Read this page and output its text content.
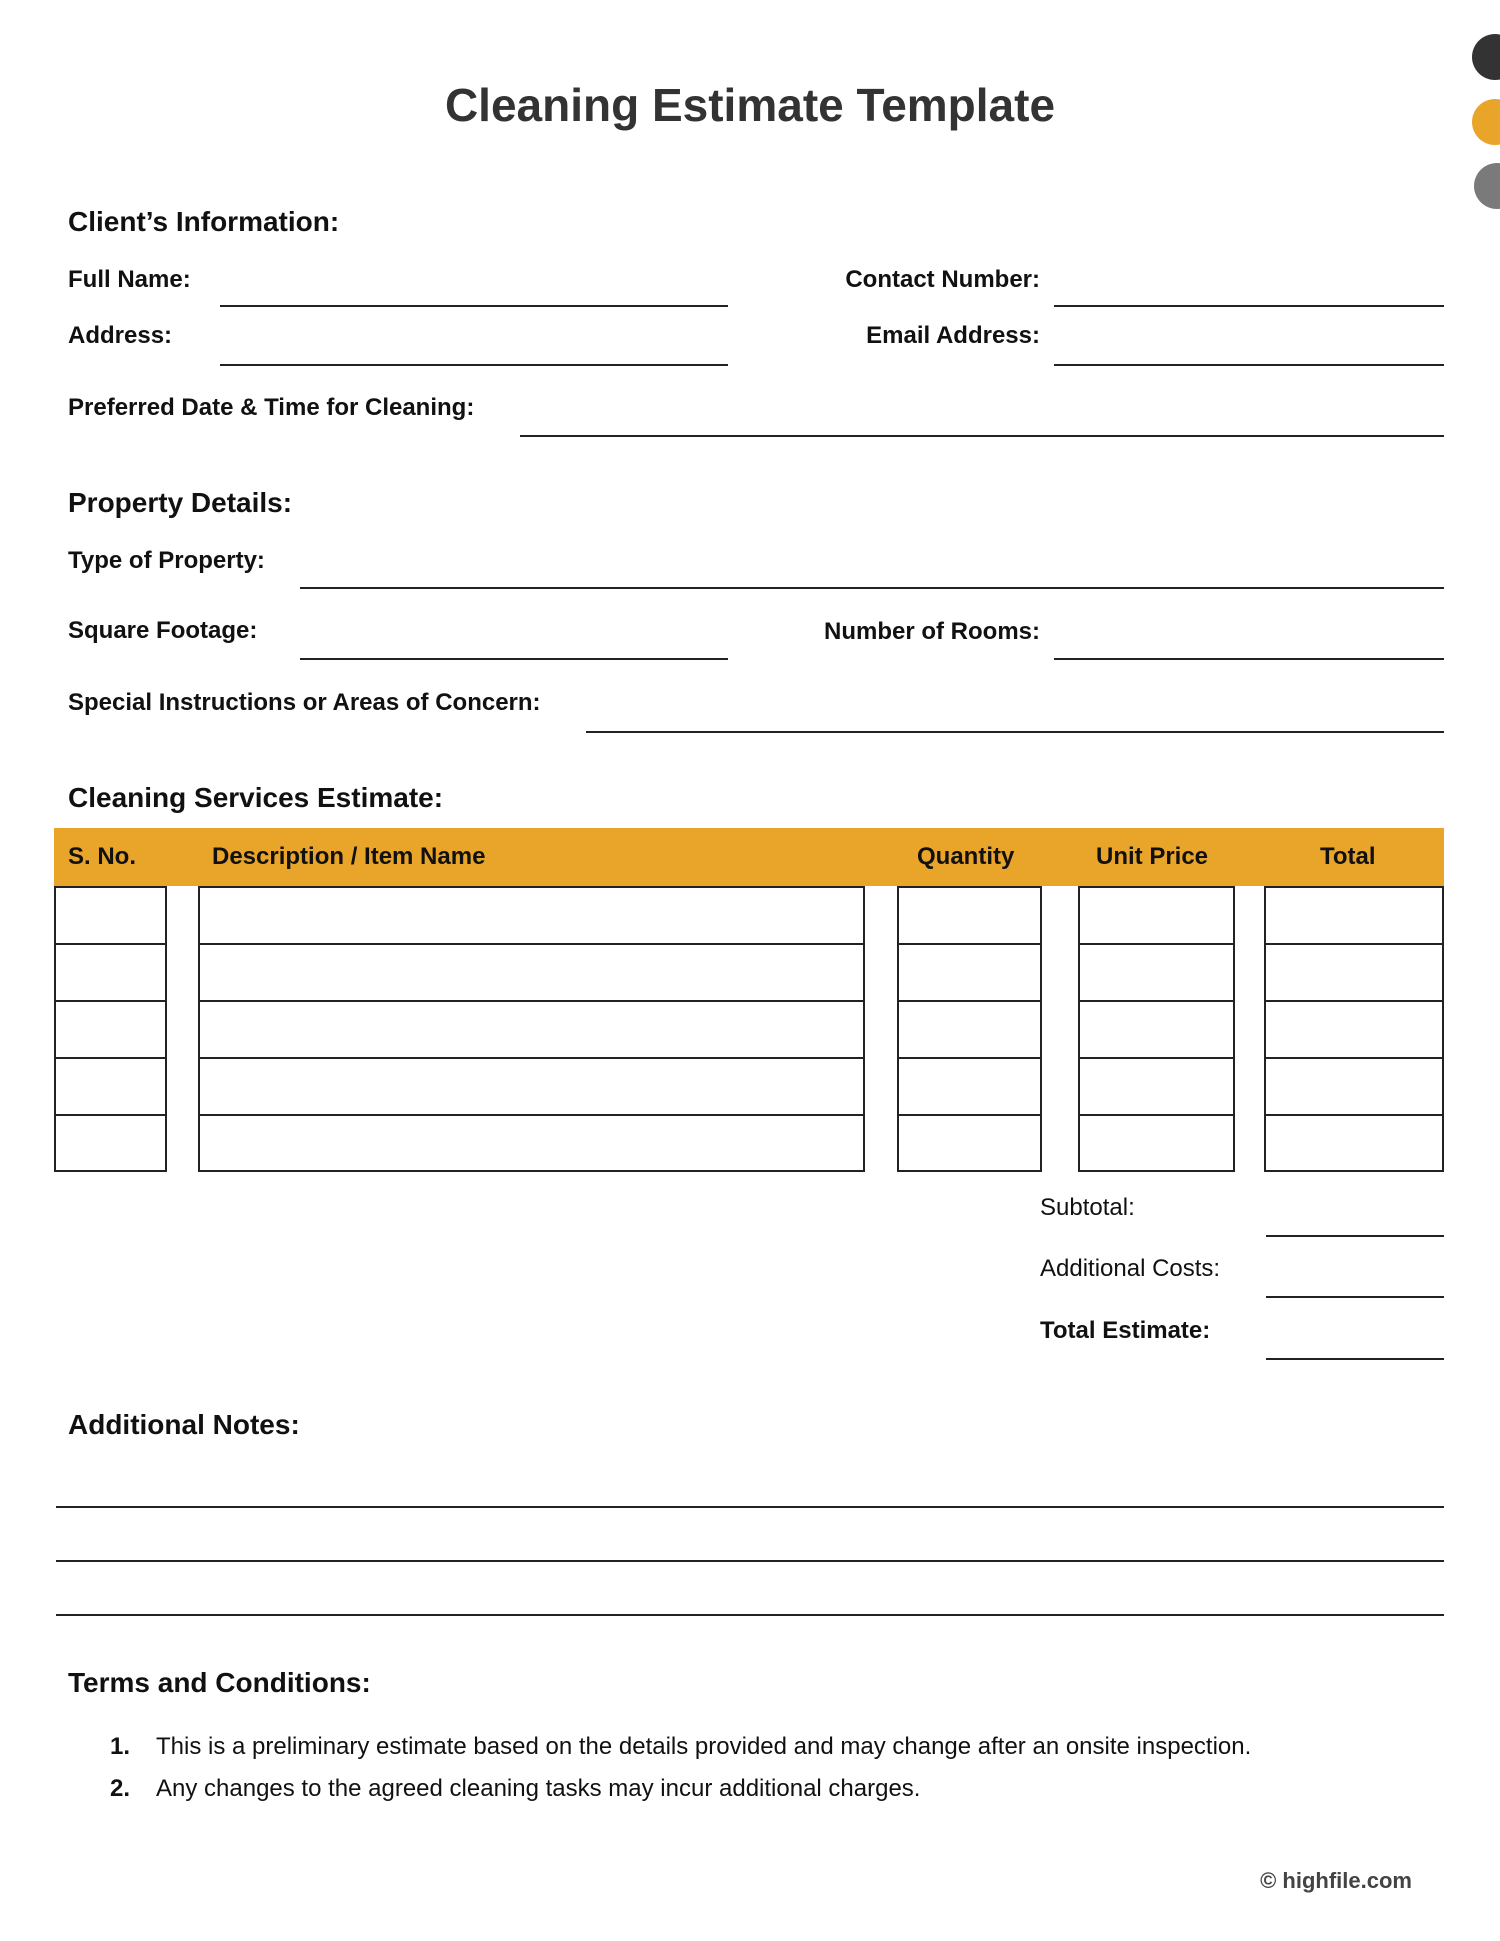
Cleaning Estimate Template
Client’s Information:
Full Name:	Contact Number:
Address:	Email Address:
Preferred Date & Time for Cleaning:
Property Details:
Type of Property:
Square Footage:	Number of Rooms:
Special Instructions or Areas of Concern:
Cleaning Services Estimate:
S. No.	Description / Item Name	Quantity	Unit Price	Total
Subtotal:
Additional Costs:
Total Estimate:
Additional Notes:
Terms and Conditions:
1.	This is a preliminary estimate based on the details provided and may change after an onsite inspection.
2.	Any changes to the agreed cleaning tasks may incur additional charges.
© highfile.com
